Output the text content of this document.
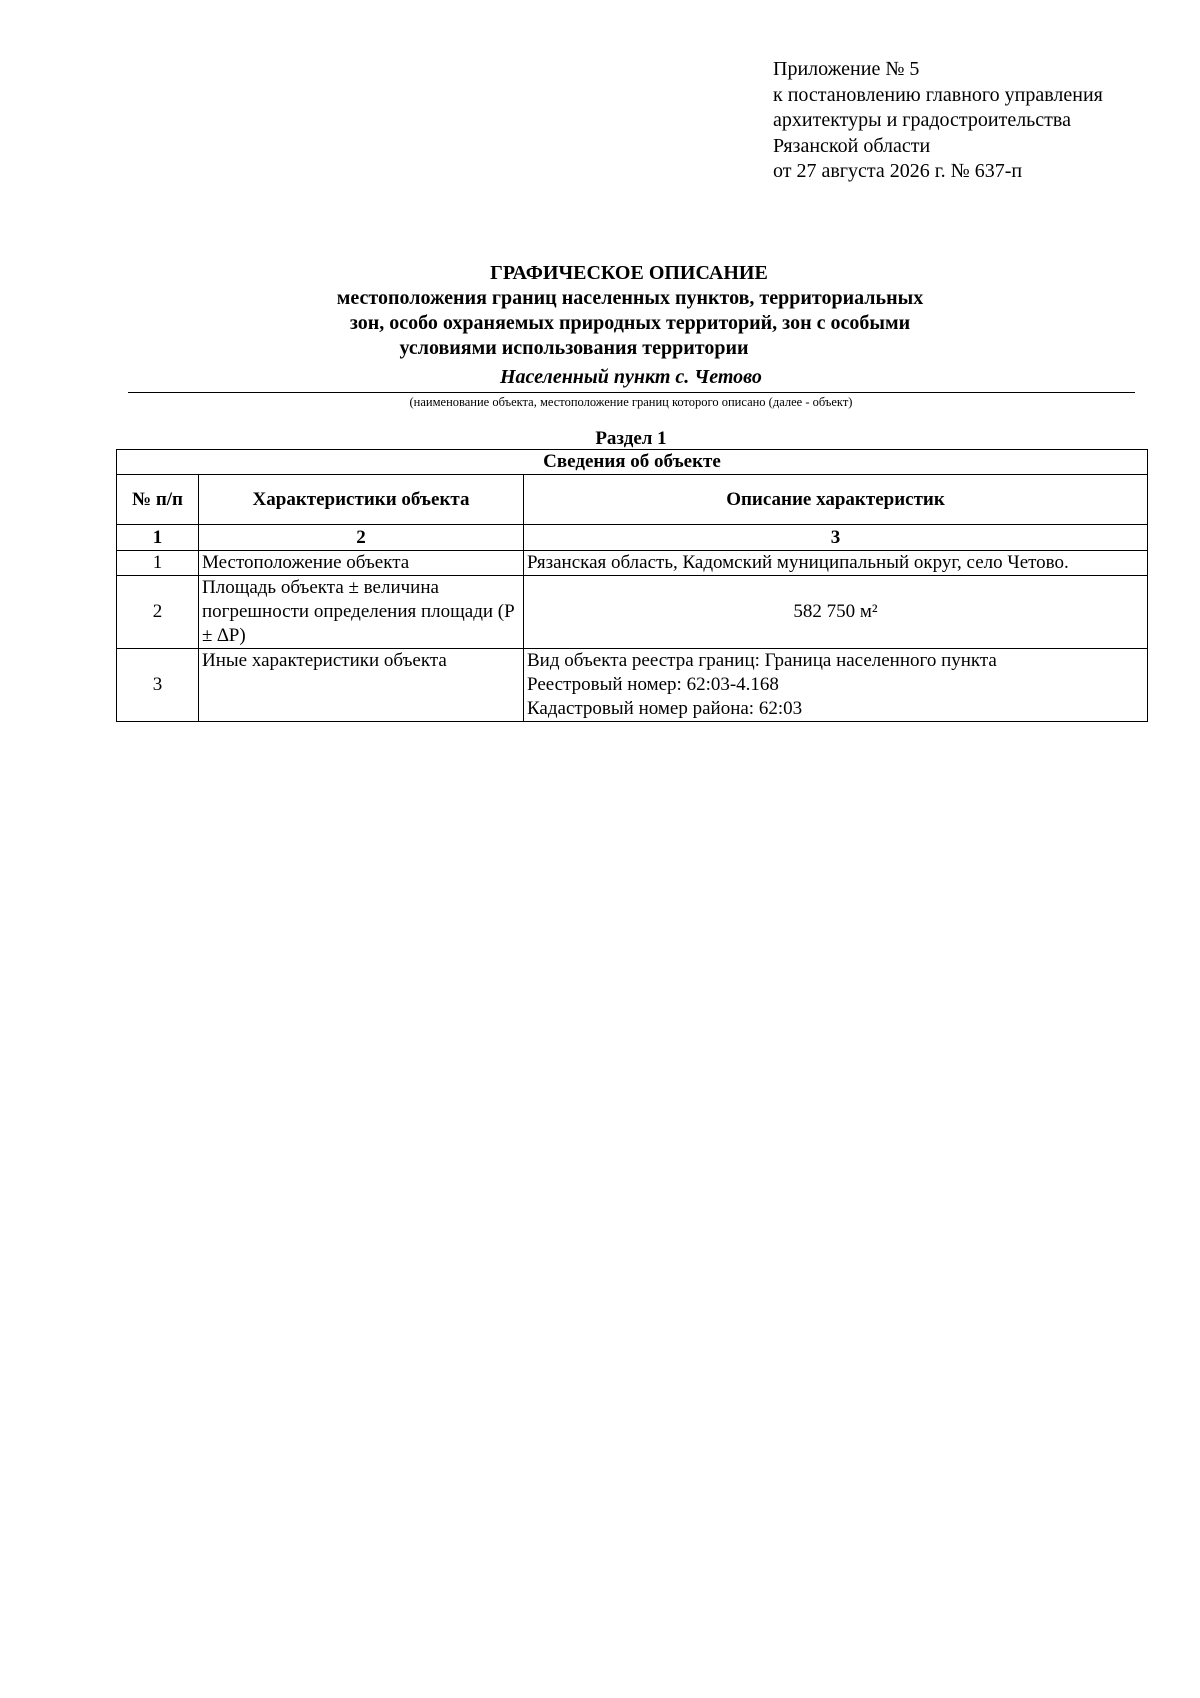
Приложение № 5
к постановлению главного управления
архитектуры и градостроительства
Рязанской области
от 27 августа 2026 г. № 637-п
ГРАФИЧЕСКОЕ ОПИСАНИЕ
местоположения границ населенных пунктов, территориальных
зон, особо охраняемых природных территорий, зон с особыми
условиями использования территории
Населенный пункт с. Четово
(наименование объекта, местоположение границ которого описано (далее - объект)
Раздел 1
Сведения об объекте		
№ п/п	Характеристики объекта	Описание характеристик
1	2	3
1	Местоположение объекта	Рязанская область, Кадомский муниципальный округ, село Четово.
2	Площадь объекта ± величина погрешности определения площади (P ± ∆P)	582 750 м²
3	Иные характеристики объекта	Вид объекта реестра границ: Граница населенного пункта
Реестровый номер: 62:03-4.168
Кадастровый номер района: 62:03
